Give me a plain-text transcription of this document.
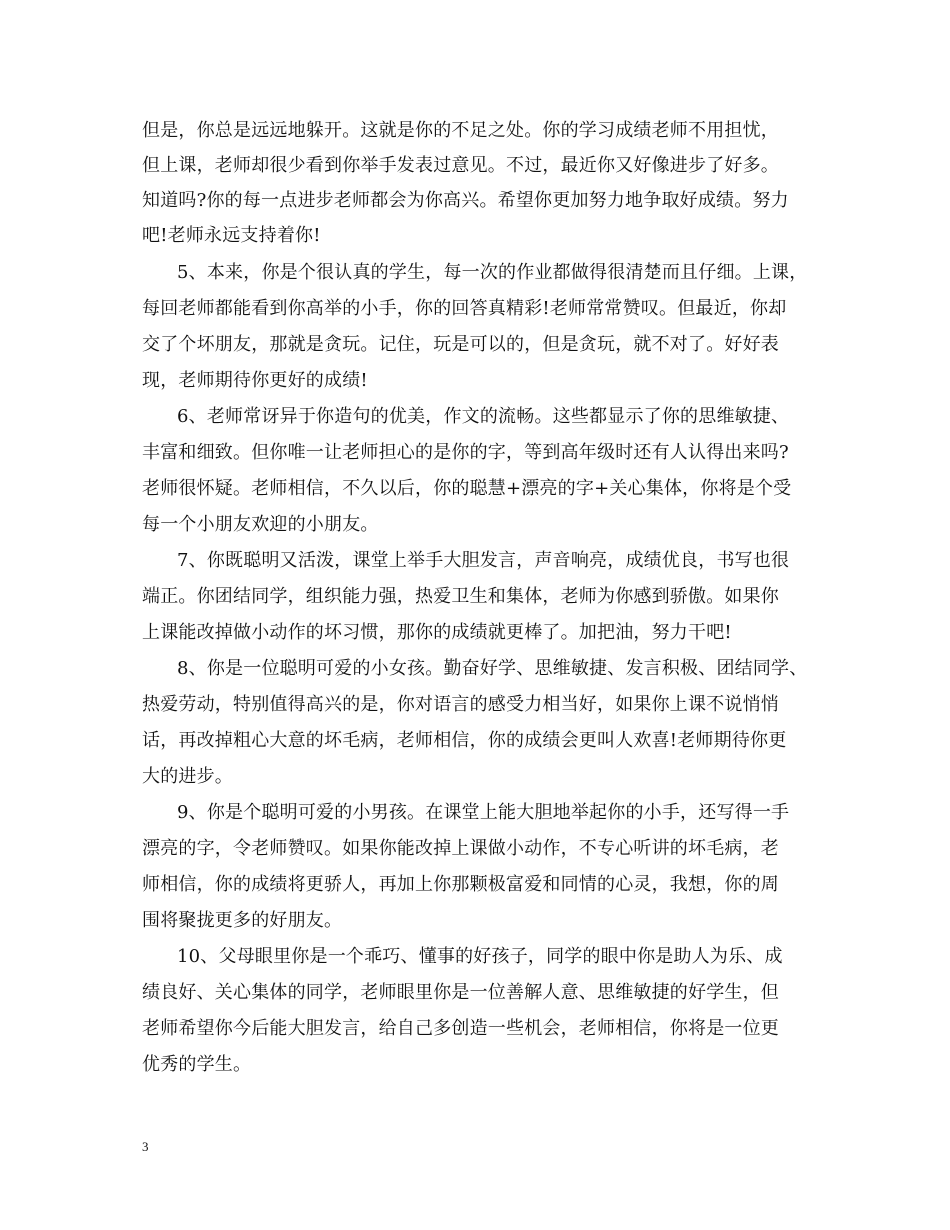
但是，你总是远远地躲开。这就是你的不足之处。你的学习成绩老师不用担忧，
但上课，老师却很少看到你举手发表过意见。不过，最近你又好像进步了好多。
知道吗?你的每一点进步老师都会为你高兴。希望你更加努力地争取好成绩。努力
吧!老师永远支持着你!
5、本来，你是个很认真的学生，每一次的作业都做得很清楚而且仔细。上课，
每回老师都能看到你高举的小手，你的回答真精彩!老师常常赞叹。但最近，你却
交了个坏朋友，那就是贪玩。记住，玩是可以的，但是贪玩，就不对了。好好表
现，老师期待你更好的成绩!
6、老师常讶异于你造句的优美，作文的流畅。这些都显示了你的思维敏捷、
丰富和细致。但你唯一让老师担心的是你的字，等到高年级时还有人认得出来吗?
老师很怀疑。老师相信，不久以后，你的聪慧+漂亮的字+关心集体，你将是个受
每一个小朋友欢迎的小朋友。
7、你既聪明又活泼，课堂上举手大胆发言，声音响亮，成绩优良，书写也很
端正。你团结同学，组织能力强，热爱卫生和集体，老师为你感到骄傲。如果你
上课能改掉做小动作的坏习惯，那你的成绩就更棒了。加把油，努力干吧!
8、你是一位聪明可爱的小女孩。勤奋好学、思维敏捷、发言积极、团结同学、
热爱劳动，特别值得高兴的是，你对语言的感受力相当好，如果你上课不说悄悄
话，再改掉粗心大意的坏毛病，老师相信，你的成绩会更叫人欢喜!老师期待你更
大的进步。
9、你是个聪明可爱的小男孩。在课堂上能大胆地举起你的小手，还写得一手
漂亮的字，令老师赞叹。如果你能改掉上课做小动作，不专心听讲的坏毛病，老
师相信，你的成绩将更骄人，再加上你那颗极富爱和同情的心灵，我想，你的周
围将聚拢更多的好朋友。
10、父母眼里你是一个乖巧、懂事的好孩子，同学的眼中你是助人为乐、成
绩良好、关心集体的同学，老师眼里你是一位善解人意、思维敏捷的好学生，但
老师希望你今后能大胆发言，给自己多创造一些机会，老师相信，你将是一位更
优秀的学生。
3
